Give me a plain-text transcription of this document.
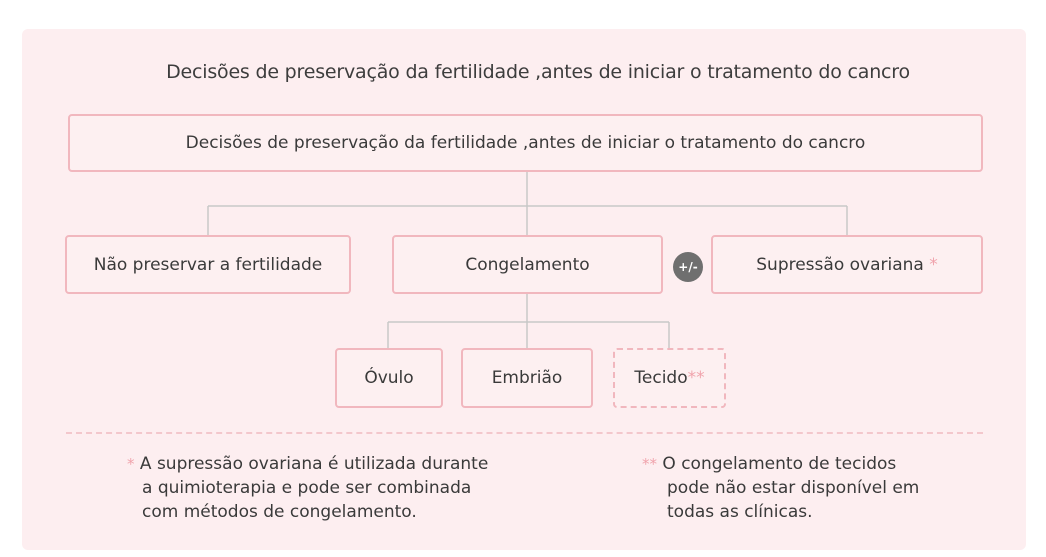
Decisões de preservação da fertilidade ,antes de iniciar o tratamento do cancro
Decisões de preservação da fertilidade ,antes de iniciar o tratamento do cancro
Não preservar a fertilidade	Congelamento	+/-	Supressão ovariana
*
Óvulo	Embrião	Tecido **
* A supressão ovariana é utilizada durante
a quimioterapia e pode ser combinada
com métodos de congelamento.
** O congelamento de tecidos
pode não estar disponível em
todas as clínicas.
